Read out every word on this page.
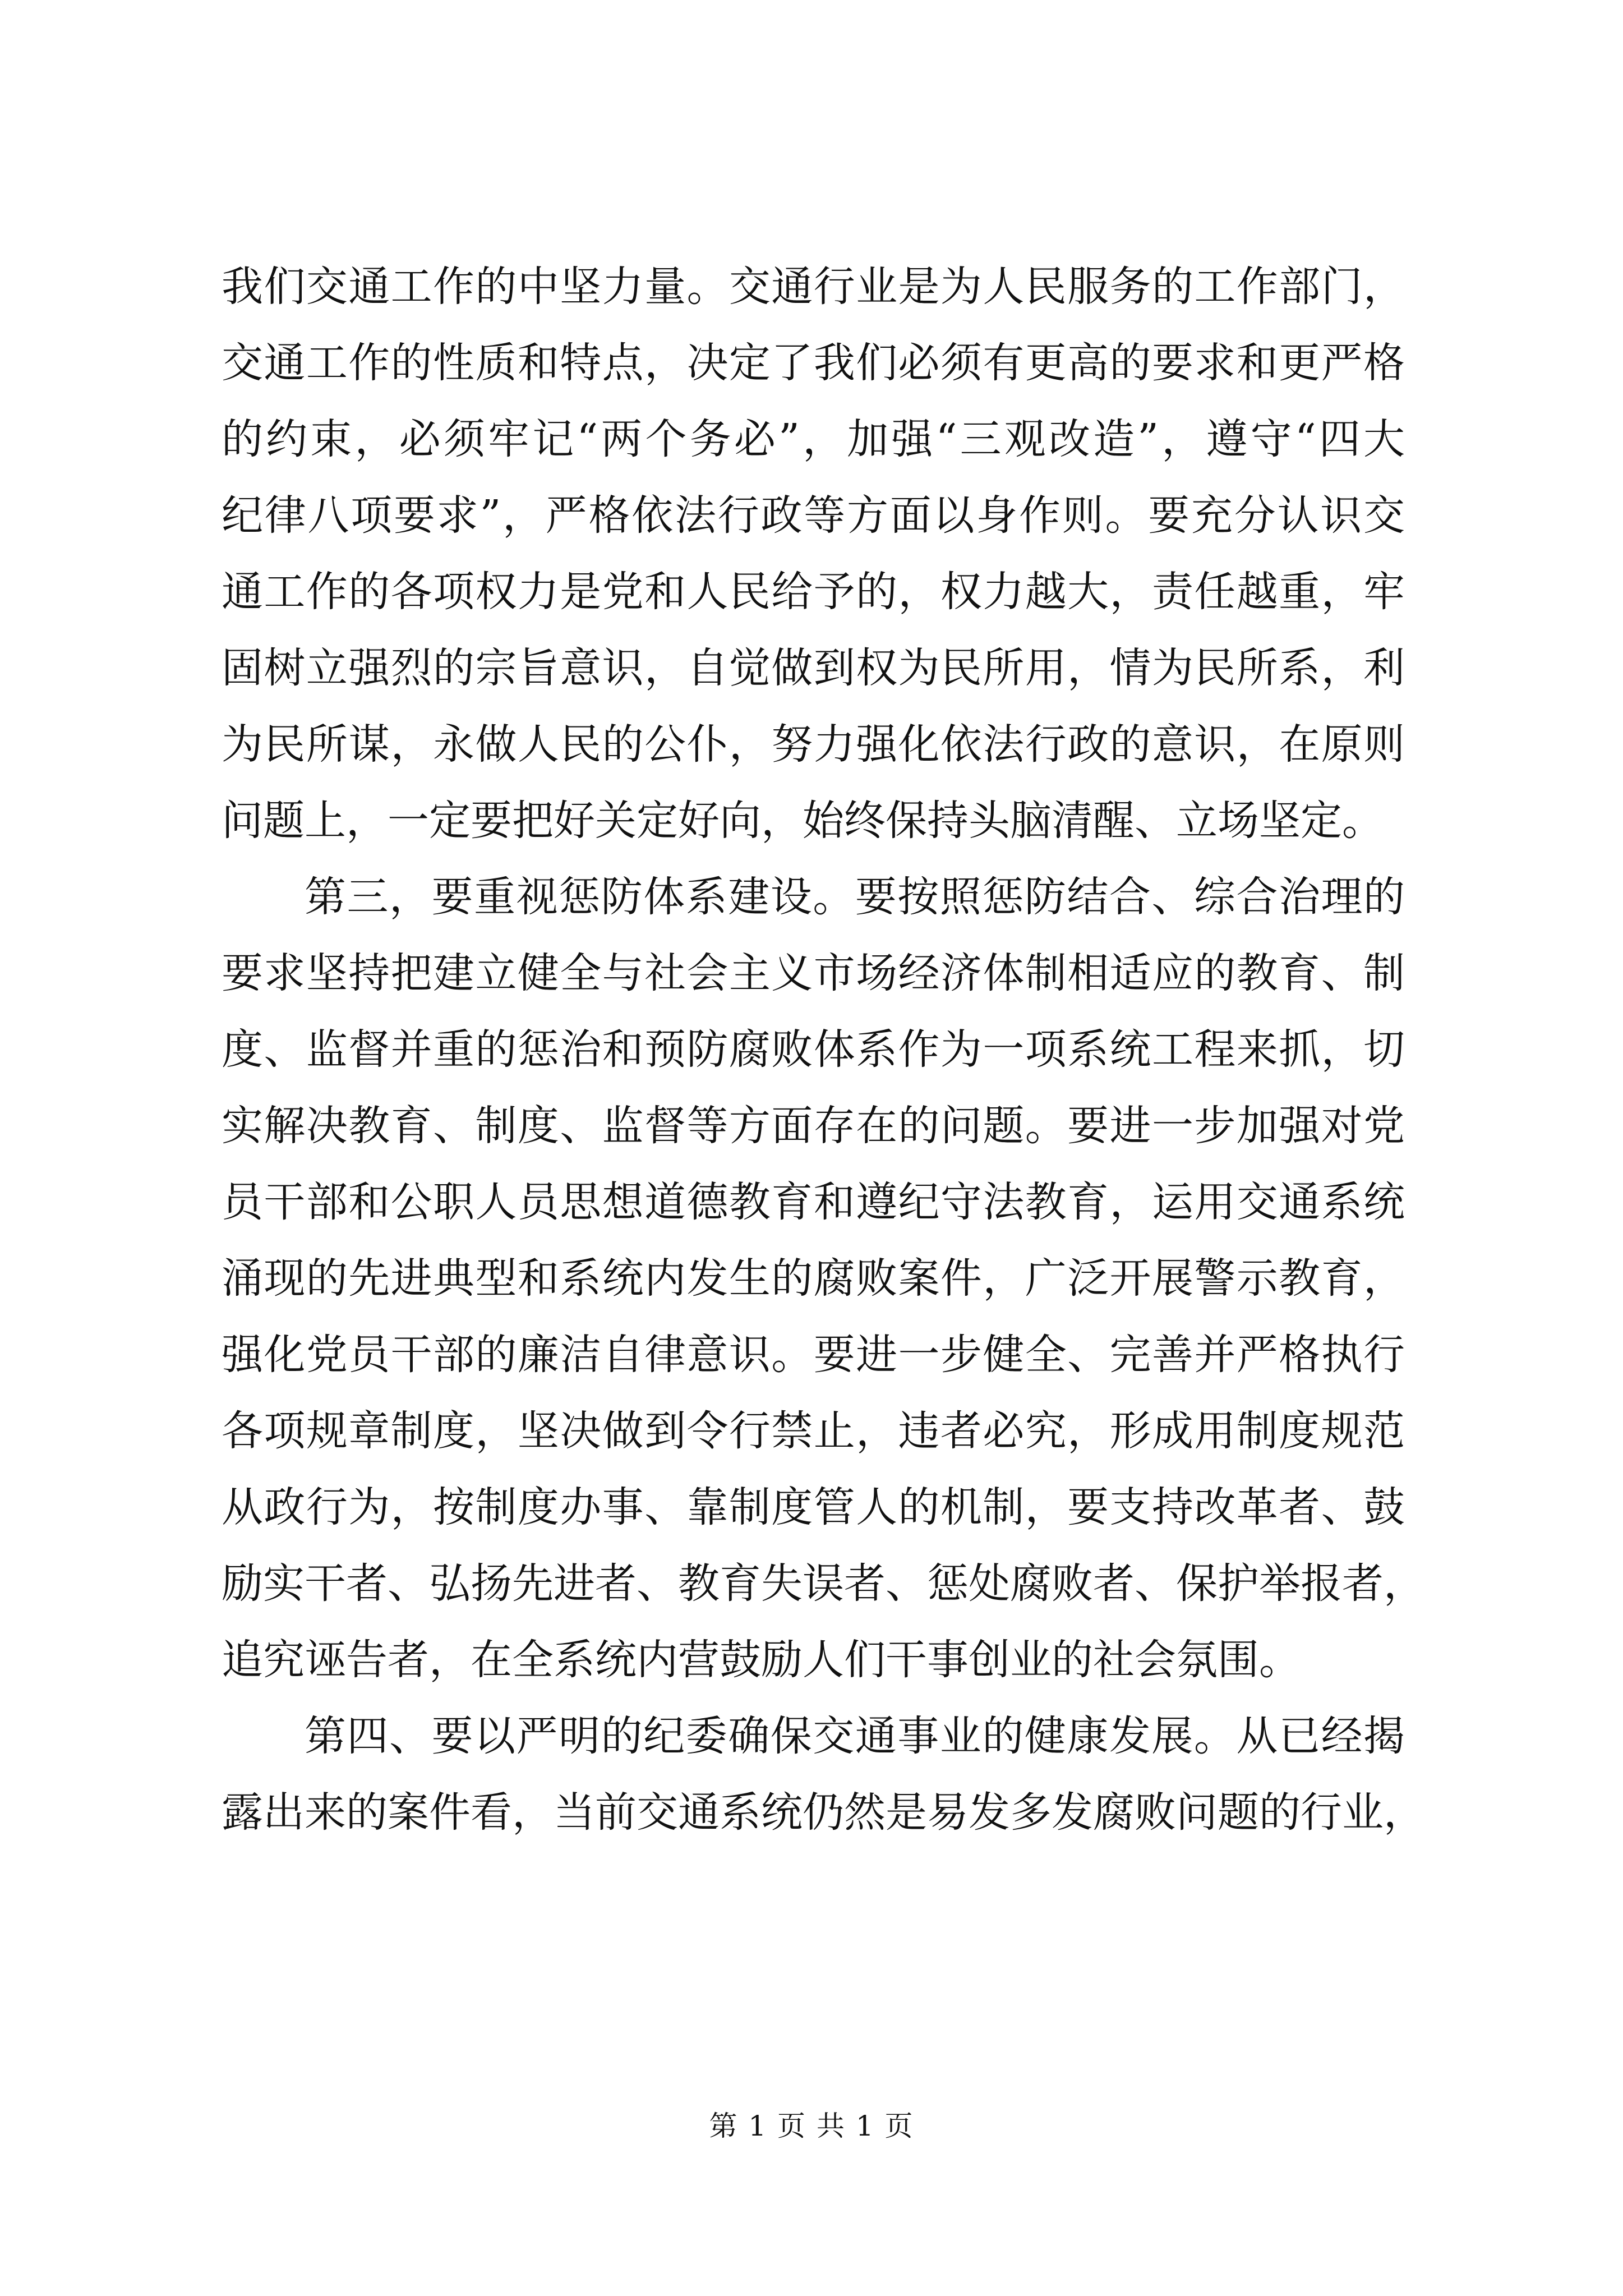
我们交通工作的中坚力量。交通行业是为人民服务的工作部门，
交通工作的性质和特点，决定了我们必须有更高的要求和更严格
的约束，必须牢记“两个务必”，加强“三观改造”，遵守“四大
纪律八项要求”，严格依法行政等方面以身作则。要充分认识交
通工作的各项权力是党和人民给予的，权力越大，责任越重，牢
固树立强烈的宗旨意识，自觉做到权为民所用，情为民所系，利
为民所谋，永做人民的公仆，努力强化依法行政的意识，在原则
问题上，一定要把好关定好向，始终保持头脑清醒、立场坚定。
第三，要重视惩防体系建设。要按照惩防结合、综合治理的
要求坚持把建立健全与社会主义市场经济体制相适应的教育、制
度、监督并重的惩治和预防腐败体系作为一项系统工程来抓，切
实解决教育、制度、监督等方面存在的问题。要进一步加强对党
员干部和公职人员思想道德教育和遵纪守法教育，运用交通系统
涌现的先进典型和系统内发生的腐败案件，广泛开展警示教育，
强化党员干部的廉洁自律意识。要进一步健全、完善并严格执行
各项规章制度，坚决做到令行禁止，违者必究，形成用制度规范
从政行为，按制度办事、靠制度管人的机制，要支持改革者、鼓
励实干者、弘扬先进者、教育失误者、惩处腐败者、保护举报者，
追究诬告者，在全系统内营鼓励人们干事创业的社会氛围。
第四、要以严明的纪委确保交通事业的健康发展。从已经揭
露出来的案件看，当前交通系统仍然是易发多发腐败问题的行业，
第 1 页 共 1 页
